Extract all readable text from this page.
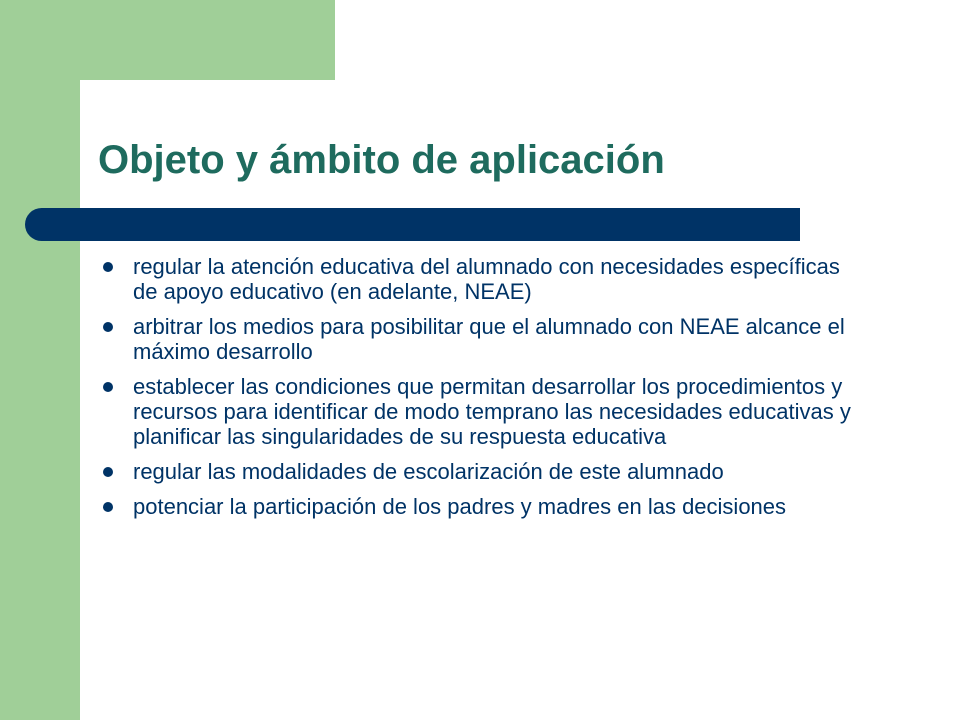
Objeto y ámbito de aplicación
regular la atención educativa del alumnado con necesidades específicas de apoyo educativo (en adelante, NEAE)
arbitrar los medios para posibilitar que el alumnado con NEAE alcance el máximo desarrollo
establecer las condiciones que permitan desarrollar los procedimientos y recursos para identificar de modo temprano las necesidades educativas y planificar las singularidades de su respuesta educativa
regular las modalidades de escolarización de este alumnado
potenciar la participación de los padres y madres en las decisiones
